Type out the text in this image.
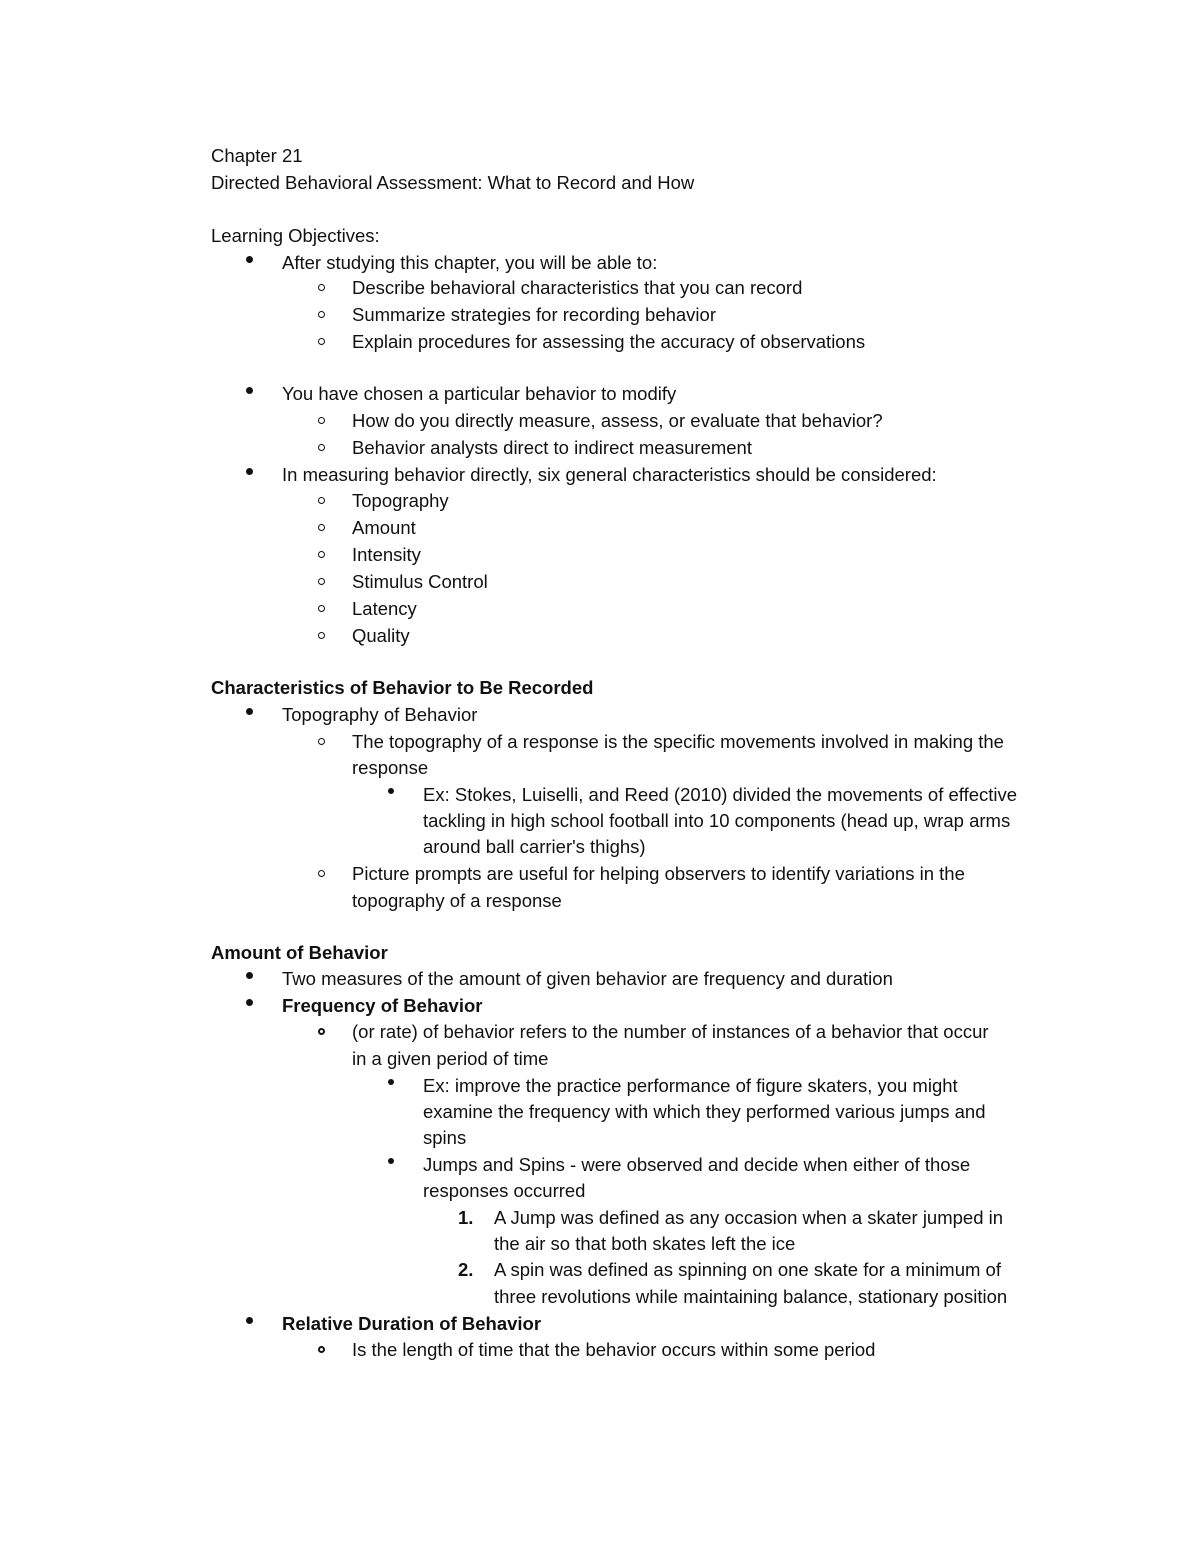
Chapter 21
Directed Behavioral Assessment: What to Record and How
Learning Objectives:
After studying this chapter, you will be able to:
Describe behavioral characteristics that you can record
Summarize strategies for recording behavior
Explain procedures for assessing the accuracy of observations
You have chosen a particular behavior to modify
How do you directly measure, assess, or evaluate that behavior?
Behavior analysts direct to indirect measurement
In measuring behavior directly, six general characteristics should be considered:
Topography
Amount
Intensity
Stimulus Control
Latency
Quality
Characteristics of Behavior to Be Recorded
Topography of Behavior
The topography of a response is the specific movements involved in making the
response
Ex: Stokes, Luiselli, and Reed (2010) divided the movements of effective
tackling in high school football into 10 components (head up, wrap arms
around ball carrier's thighs)
Picture prompts are useful for helping observers to identify variations in the
topography of a response
Amount of Behavior
Two measures of the amount of given behavior are frequency and duration
Frequency of Behavior
(or rate) of behavior refers to the number of instances of a behavior that occur
in a given period of time
Ex: improve the practice performance of figure skaters, you might
examine the frequency with which they performed various jumps and
spins
Jumps and Spins - were observed and decide when either of those
responses occurred
1. A Jump was defined as any occasion when a skater jumped in
the air so that both skates left the ice
2. A spin was defined as spinning on one skate for a minimum of
three revolutions while maintaining balance, stationary position
Relative Duration of Behavior
Is the length of time that the behavior occurs within some period
